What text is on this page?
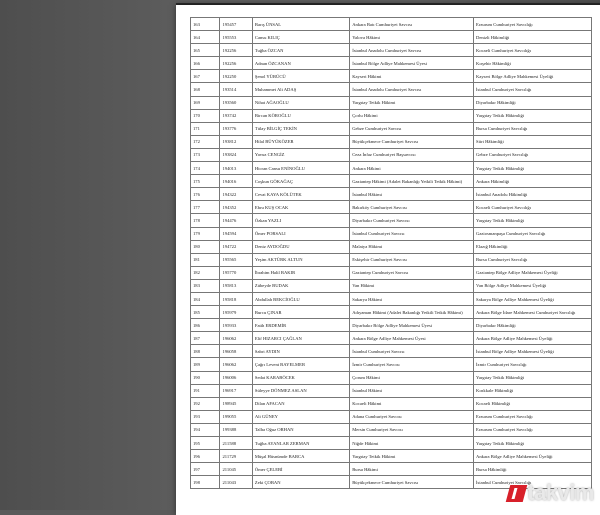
163	195457	Barış ÜNSAL	Ankara Batı Cumhuriyet Savcısı	Erzurum Cumhuriyet Savcılığı
164	195553	Cansu KILIÇ	Yalova Hâkimi	Denizli Hâkimliği
165	192256	Tuğba ÖZCAN	İstanbul Anadolu Cumhuriyet Savcısı	Kocaeli Cumhuriyet Savcılığı
166	192256	Adnan ÖZCANAN	İstanbul Bölge Adliye Mahkemesi Üyesi	Kırşehir Hâkimliği
167	192250	Şenol YÜRÜCÜ	Kayseri Hâkimi	Kayseri Bölge Adliye Mahkemesi Üyeliği
168	193514	Muhammet Ali ADAŞ	İstanbul Anadolu Cumhuriyet Savcısı	İstanbul Cumhuriyet Savcılığı
169	193560	Nihat AĞAOĞLU	Yargıtay Tetkik Hâkimi	Diyarbakır Hâkimliği
170	193742	Bircan KÖROĞLU	Çorlu Hâkimi	Yargıtay Tetkik Hâkimliği
171	193776	Tülay BİLGİÇ TEKİN	Gebze Cumhuriyet Savcısı	Bursa Cumhuriyet Savcılığı
172	193812	Hilal BÜYÜKÖZER	Büyükçekmece Cumhuriyet Savcısı	Siirt Hâkimliği
173	193824	Yavuz CENGİZ	Ceza İnfaz Cumhuriyet Başsavcısı	Gebze Cumhuriyet Savcılığı
174	194013	Hicran Cansu ENİNOĞLU	Ankara Hâkimi	Yargıtay Tetkik Hâkimliği
175	194016	Coşkun GÖKAĞAÇ	Gaziantep Hâkimi (Adalet Bakanlığı Yetkili Tetkik Hâkimi)	Ankara Hâkimliği
176	194322	Cevat KAYA KÖLÜTEK	İstanbul Hâkimi	İstanbul Anadolu Hâkimliği
177	194352	Ebru KUŞ OCAK	Bakırköy Cumhuriyet Savcısı	Kocaeli Cumhuriyet Savcılığı
178	194476	Özkan YAZLI	Diyarbakır Cumhuriyet Savcısı	Yargıtay Tetkik Hâkimliği
179	194594	Ömer PORSALI	İstanbul Cumhuriyet Savcısı	Gaziosmanpaşa Cumhuriyet Savcılığı
180	194722	Deniz AYDOĞDU	Malatya Hâkimi	Elazığ Hâkimliği
181	195565	Yeşim AKTÜRK ALTUN	Eskişehir Cumhuriyet Savcısı	Bursa Cumhuriyet Savcılığı
182	195770	İbrahim Halil BAKIR	Gaziantep Cumhuriyet Savcısı	Gaziantep Bölge Adliye Mahkemesi Üyeliği
183	195813	Zübeyde BUDAK	Van Hâkimi	Van Bölge Adliye Mahkemesi Üyeliği
184	195818	Abdullah BEKCİOĞLU	Sakarya Hâkimi	Sakarya Bölge Adliye Mahkemesi Üyeliği
185	195979	Burcu ÇINAR	Adıyaman Hâkimi (Adalet Bakanlığı Yetkili Tetkik Hâkimi)	Ankara Bölge İdare Mahkemesi Cumhuriyet Savcılığı
186	195933	Fatih ERDEMİR	Diyarbakır Bölge Adliye Mahkemesi Üyesi	Diyarbakır Hâkimliği
187	196062	Elif HIZARCI ÇAĞLAN	Ankara Bölge Adliye Mahkemesi Üyesi	Ankara Bölge Adliye Mahkemesi Üyeliği
188	196058	Sabri AYDIN	İstanbul Cumhuriyet Savcısı	İstanbul Bölge Adliye Mahkemesi Üyeliği
189	196062	Çağrı Levent BAYELMER	İzmir Cumhuriyet Savcısı	İzmir Cumhuriyet Savcılığı
190	196006	Sedat KARABÖCEK	Çorum Hâkimi	Yargıtay Tetkik Hâkimliği
191	196917	Süleyye DÖNMEZ ASLAN	İstanbul Hâkimi	Kırıkkale Hâkimliği
192	198945	Dilan AFACAN	Kocaeli Hâkimi	Kocaeli Hâkimliği
193	199055	Ali GÜNEY	Adana Cumhuriyet Savcısı	Erzurum Cumhuriyet Savcılığı
194	199388	Talha Oğuz ORHAN	Mersin Cumhuriyet Savcısı	Erzurum Cumhuriyet Savcılığı
195	211588	Tuğba AYANLAR ZERMAN	Niğde Hâkimi	Yargıtay Tetkik Hâkimliği
196	211729	Müşal Hüsnümde BARCA	Yargıtay Tetkik Hâkimi	Ankara Bölge Adliye Mahkemesi Üyeliği
197	211045	Ömer ÇELEBİ	Bursa Hâkimi	Bursa Hâkimliği
198	211043	Zeki ÇOBAN	Büyükçekmece Cumhuriyet Savcısı	İstanbul Cumhuriyet Savcılığı
takvim
